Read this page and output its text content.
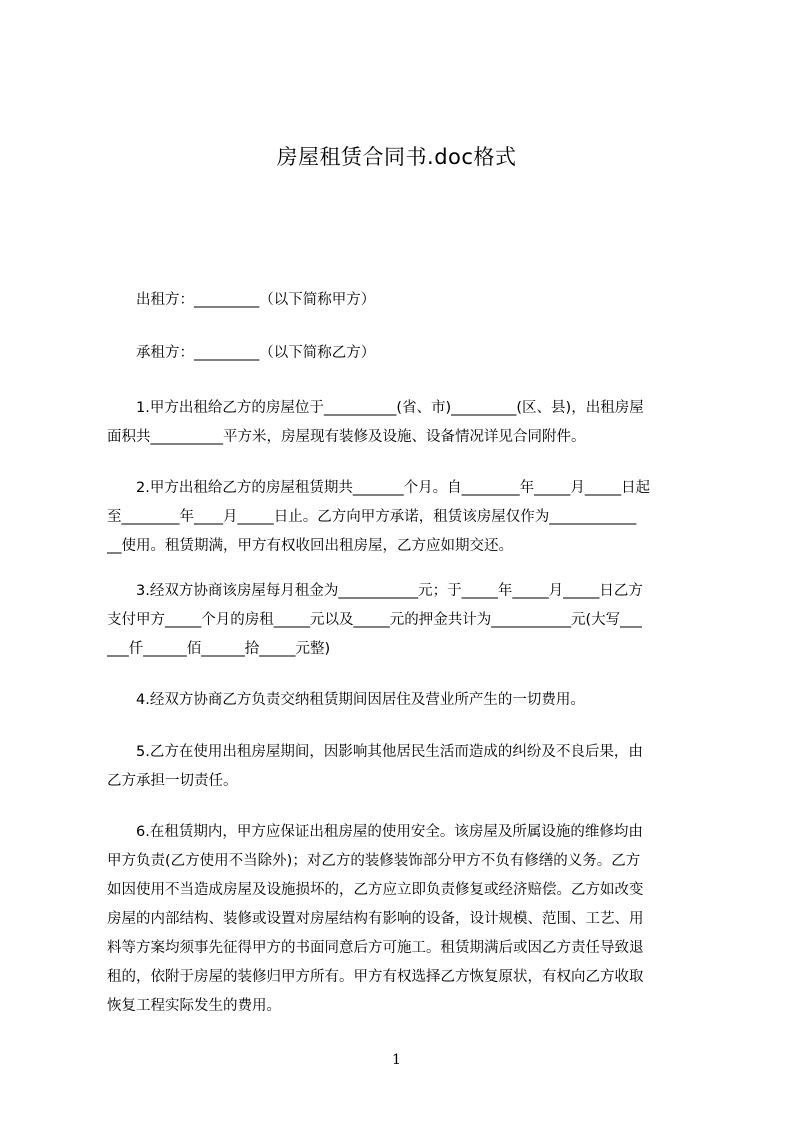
房屋租赁合同书.doc格式

出租方：_________（以下简称甲方）

承租方：_________（以下简称乙方）

1.甲方出租给乙方的房屋位于__________(省、市)_________(区、县)，出租房屋
面积共__________平方米，房屋现有装修及设施、设备情况详见合同附件。

2.甲方出租给乙方的房屋租赁期共_______个月。自________年_____月_____日起
至________年____月_____日止。乙方向甲方承诺，租赁该房屋仅作为____________
__使用。租赁期满，甲方有权收回出租房屋，乙方应如期交还。

3.经双方协商该房屋每月租金为___________元；于_____年_____月_____日乙方
支付甲方_____个月的房租_____元以及_____元的押金共计为___________元(大写___
___仟______佰______拾_____元整)

4.经双方协商乙方负责交纳租赁期间因居住及营业所产生的一切费用。

5.乙方在使用出租房屋期间，因影响其他居民生活而造成的纠纷及不良后果，由
乙方承担一切责任。

6.在租赁期内，甲方应保证出租房屋的使用安全。该房屋及所属设施的维修均由
甲方负责(乙方使用不当除外)；对乙方的装修装饰部分甲方不负有修缮的义务。乙方
如因使用不当造成房屋及设施损坏的，乙方应立即负责修复或经济赔偿。乙方如改变
房屋的内部结构、装修或设置对房屋结构有影响的设备，设计规模、范围、工艺、用
料等方案均须事先征得甲方的书面同意后方可施工。租赁期满后或因乙方责任导致退
租的，依附于房屋的装修归甲方所有。甲方有权选择乙方恢复原状，有权向乙方收取
恢复工程实际发生的费用。

1
